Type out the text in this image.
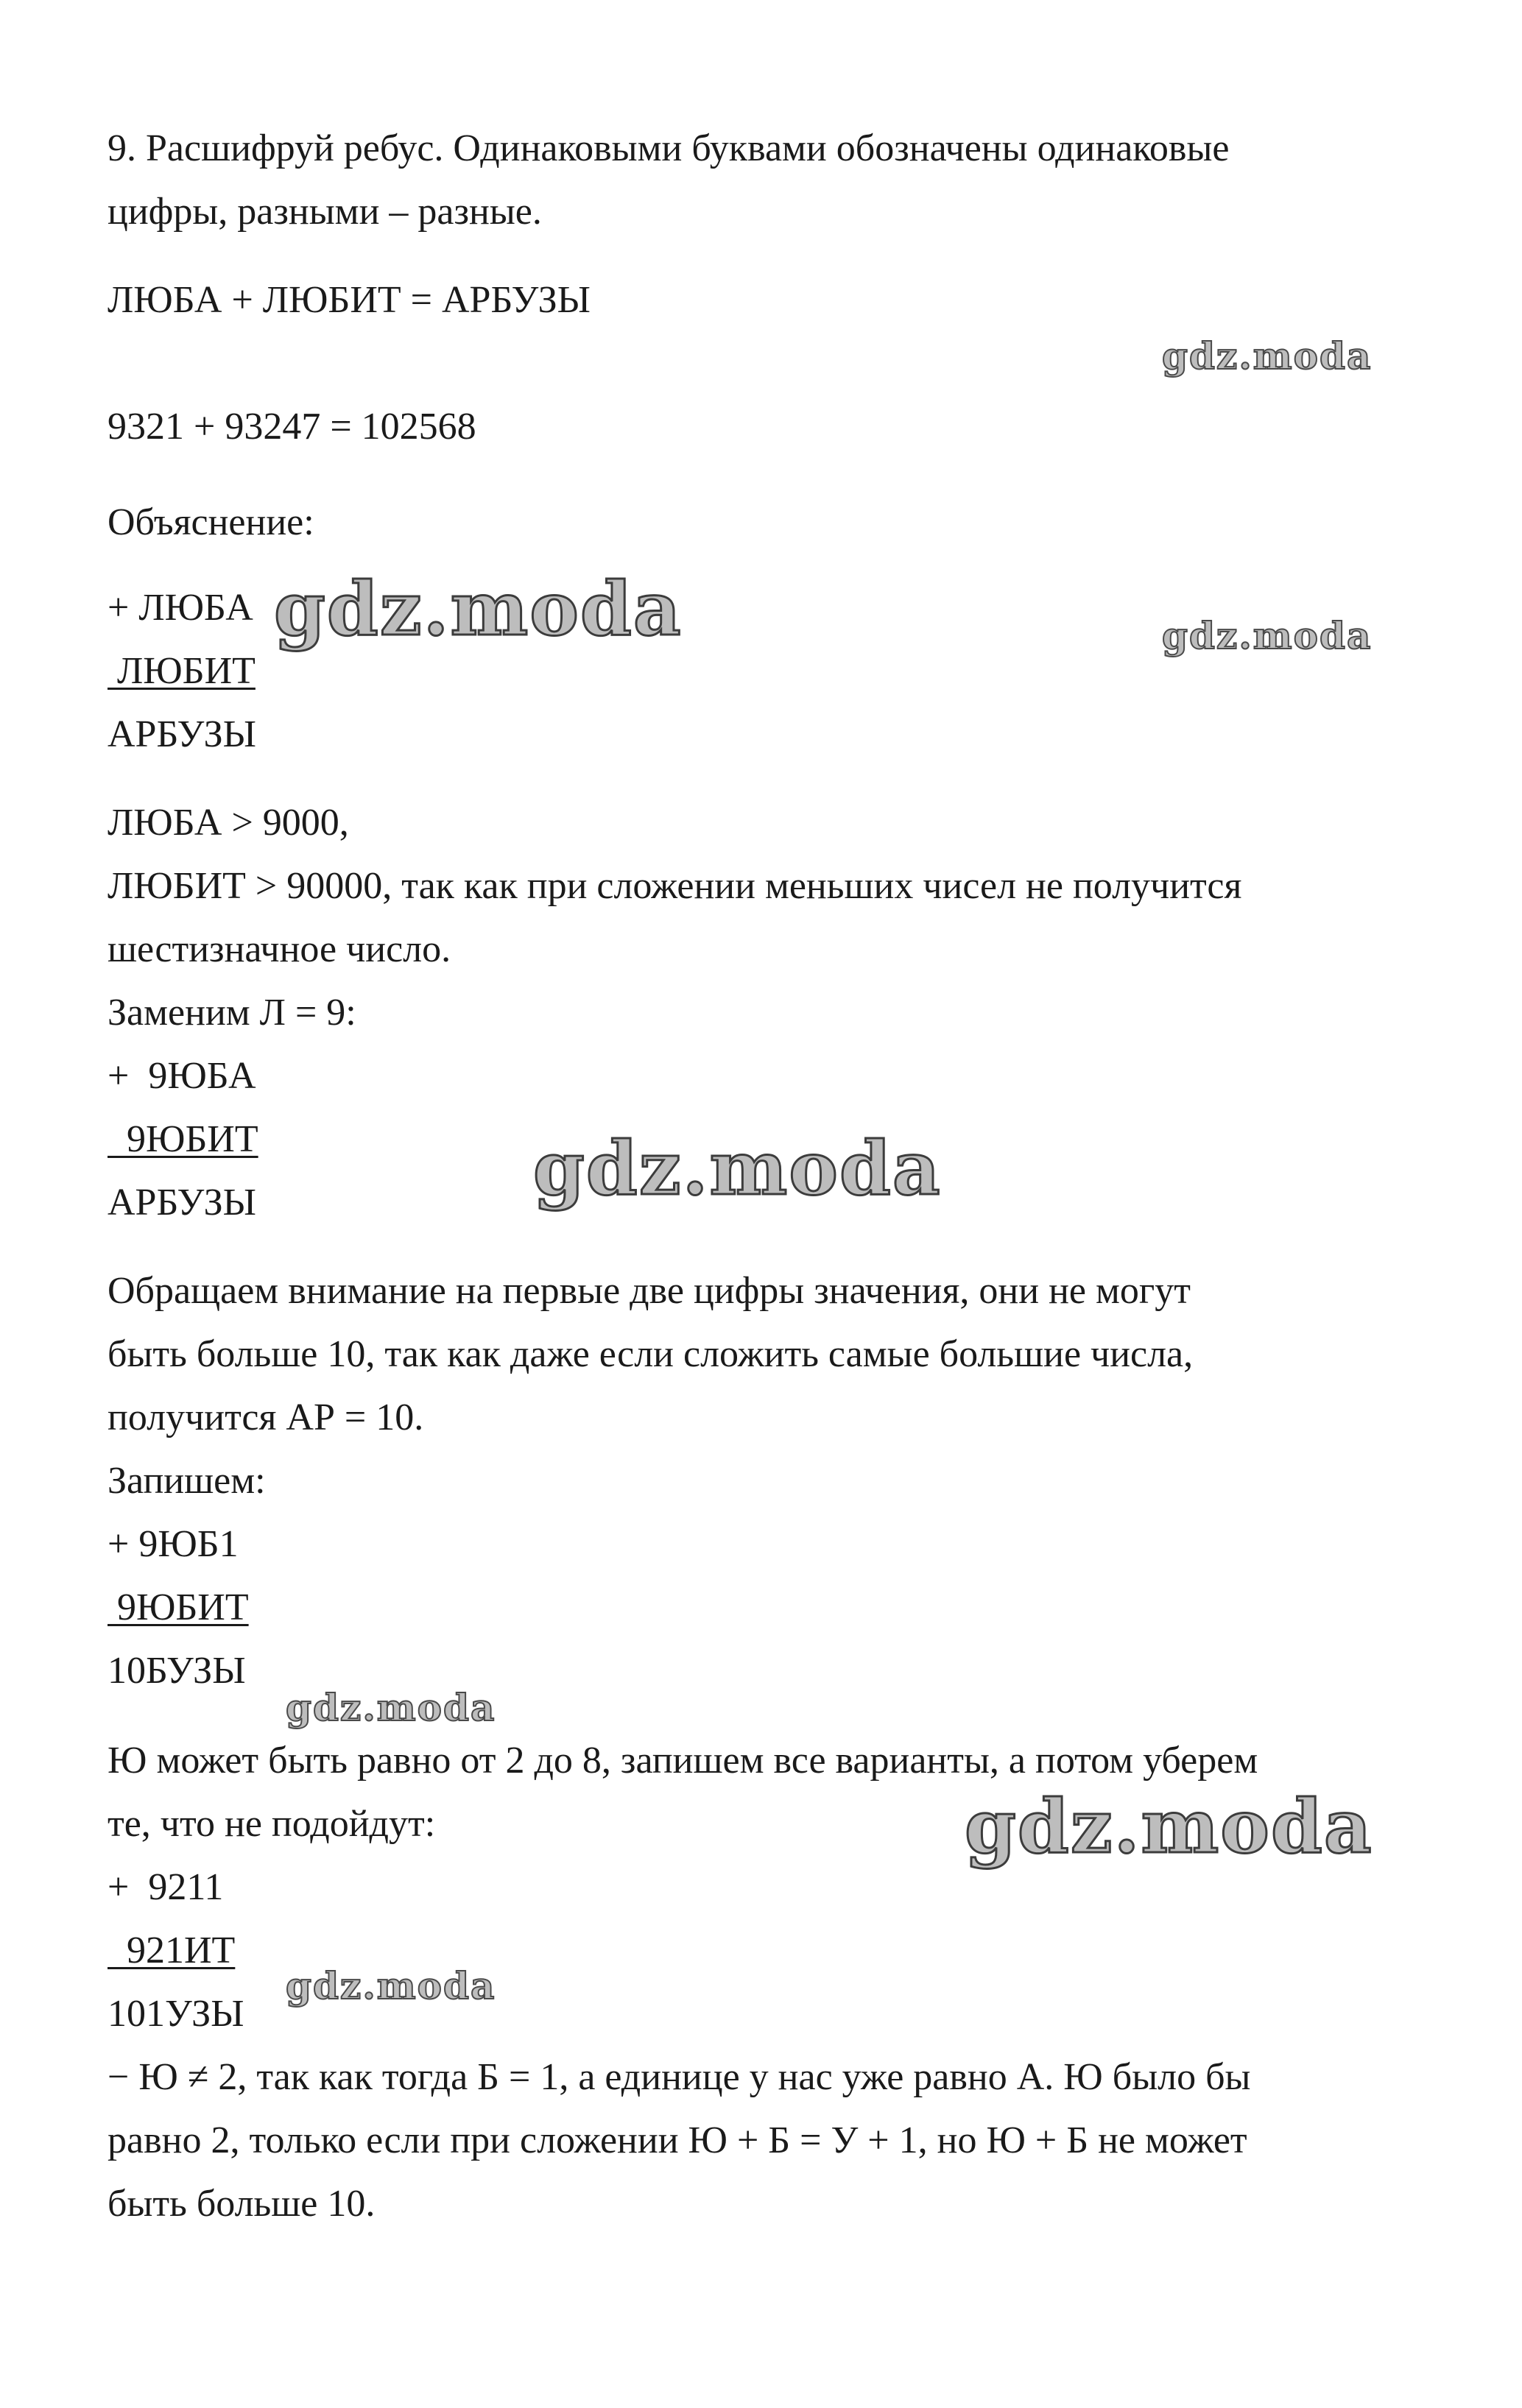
9. Расшифруй ребус. Одинаковыми буквами обозначены одинаковые
цифры, разными – разные.
ЛЮБА + ЛЮБИТ = АРБУЗЫ
9321 + 93247 = 102568
Объяснение:
+ ЛЮБА
ЛЮБИТ
АРБУЗЫ
ЛЮБА > 9000,
ЛЮБИТ > 90000, так как при сложении меньших чисел не получится
шестизначное число.
Заменим Л = 9:
+  9ЮБА
9ЮБИТ
АРБУЗЫ
Обращаем внимание на первые две цифры значения, они не могут
быть больше 10, так как даже если сложить самые большие числа,
получится АР = 10.
Запишем:
+ 9ЮБ1
9ЮБИТ
10БУЗЫ
Ю может быть равно от 2 до 8, запишем все варианты, а потом уберем
те, что не подойдут:
+  9211
921ИТ
101УЗЫ
− Ю ≠ 2, так как тогда Б = 1, а единице у нас уже равно А. Ю было бы
равно 2, только если при сложении Ю + Б = У + 1, но Ю + Б не может
быть больше 10.
gdz.moda
gdz.moda	gdz.moda
gdz.moda
gdz.moda
gdz.moda
gdz.moda
